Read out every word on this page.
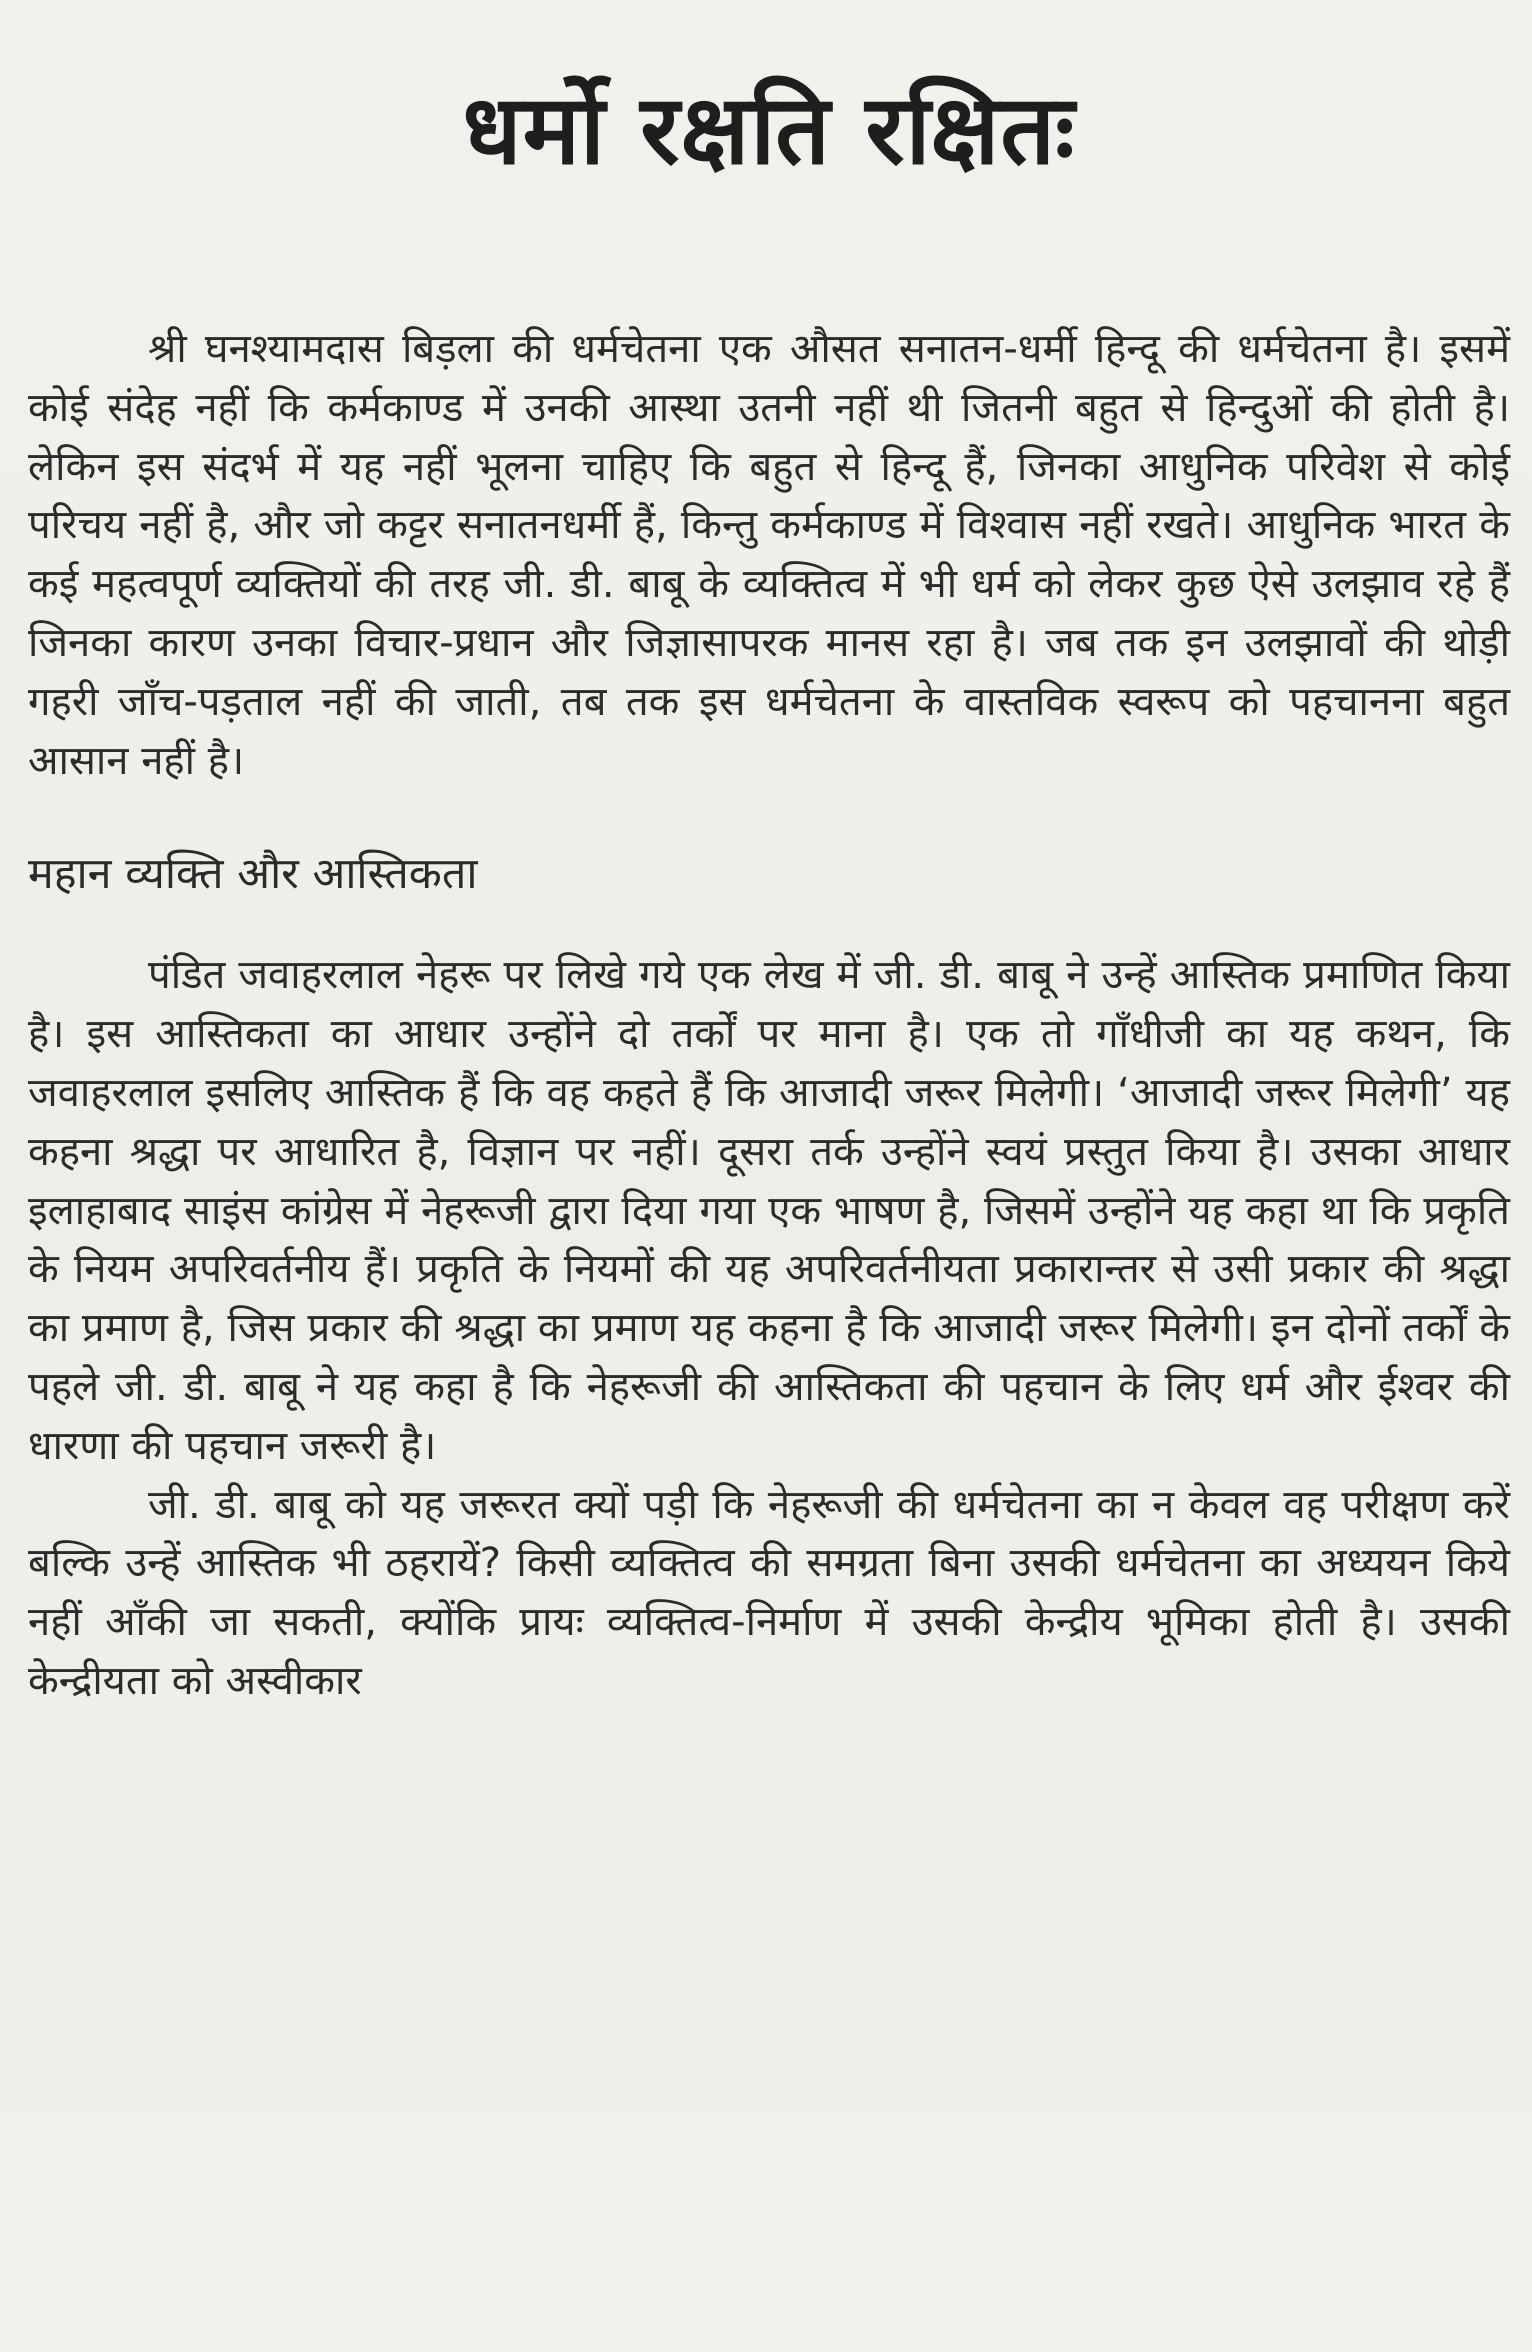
धर्मो रक्षति रक्षितः

श्री घनश्यामदास बिड़ला की धर्मचेतना एक औसत सनातन-धर्मी हिन्दू की धर्मचेतना है। इसमें कोई संदेह नहीं कि कर्मकाण्ड में उनकी आस्था उतनी नहीं थी जितनी बहुत से हिन्दुओं की होती है। लेकिन इस संदर्भ में यह नहीं भूलना चाहिए कि बहुत से हिन्दू हैं, जिनका आधुनिक परिवेश से कोई परिचय नहीं है, और जो कट्टर सनातनधर्मी हैं, किन्तु कर्मकाण्ड में विश्वास नहीं रखते। आधुनिक भारत के कई महत्वपूर्ण व्यक्तियों की तरह जी. डी. बाबू के व्यक्तित्व में भी धर्म को लेकर कुछ ऐसे उलझाव रहे हैं जिनका कारण उनका विचार-प्रधान और जिज्ञासापरक मानस रहा है। जब तक इन उलझावों की थोड़ी गहरी जाँच-पड़ताल नहीं की जाती, तब तक इस धर्मचेतना के वास्तविक स्वरूप को पहचानना बहुत आसान नहीं है।

महान व्यक्ति और आस्तिकता

पंडित जवाहरलाल नेहरू पर लिखे गये एक लेख में जी. डी. बाबू ने उन्हें आस्तिक प्रमाणित किया है। इस आस्तिकता का आधार उन्होंने दो तर्कों पर माना है। एक तो गाँधीजी का यह कथन, कि जवाहरलाल इसलिए आस्तिक हैं कि वह कहते हैं कि आजादी जरूर मिलेगी। ‘आजादी जरूर मिलेगी’ यह कहना श्रद्धा पर आधारित है, विज्ञान पर नहीं। दूसरा तर्क उन्होंने स्वयं प्रस्तुत किया है। उसका आधार इलाहाबाद साइंस कांग्रेस में नेहरूजी द्वारा दिया गया एक भाषण है, जिसमें उन्होंने यह कहा था कि प्रकृति के नियम अपरिवर्तनीय हैं। प्रकृति के नियमों की यह अपरिवर्तनीयता प्रकारान्तर से उसी प्रकार की श्रद्धा का प्रमाण है, जिस प्रकार की श्रद्धा का प्रमाण यह कहना है कि आजादी जरूर मिलेगी। इन दोनों तर्कों के पहले जी. डी. बाबू ने यह कहा है कि नेहरूजी की आस्तिकता की पहचान के लिए धर्म और ईश्वर की धारणा की पहचान जरूरी है।

जी. डी. बाबू को यह जरूरत क्यों पड़ी कि नेहरूजी की धर्मचेतना का न केवल वह परीक्षण करें बल्कि उन्हें आस्तिक भी ठहरायें? किसी व्यक्तित्व की समग्रता बिना उसकी धर्मचेतना का अध्ययन किये नहीं आँकी जा सकती, क्योंकि प्रायः व्यक्तित्व-निर्माण में उसकी केन्द्रीय भूमिका होती है। उसकी केन्द्रीयता को अस्वीकार
